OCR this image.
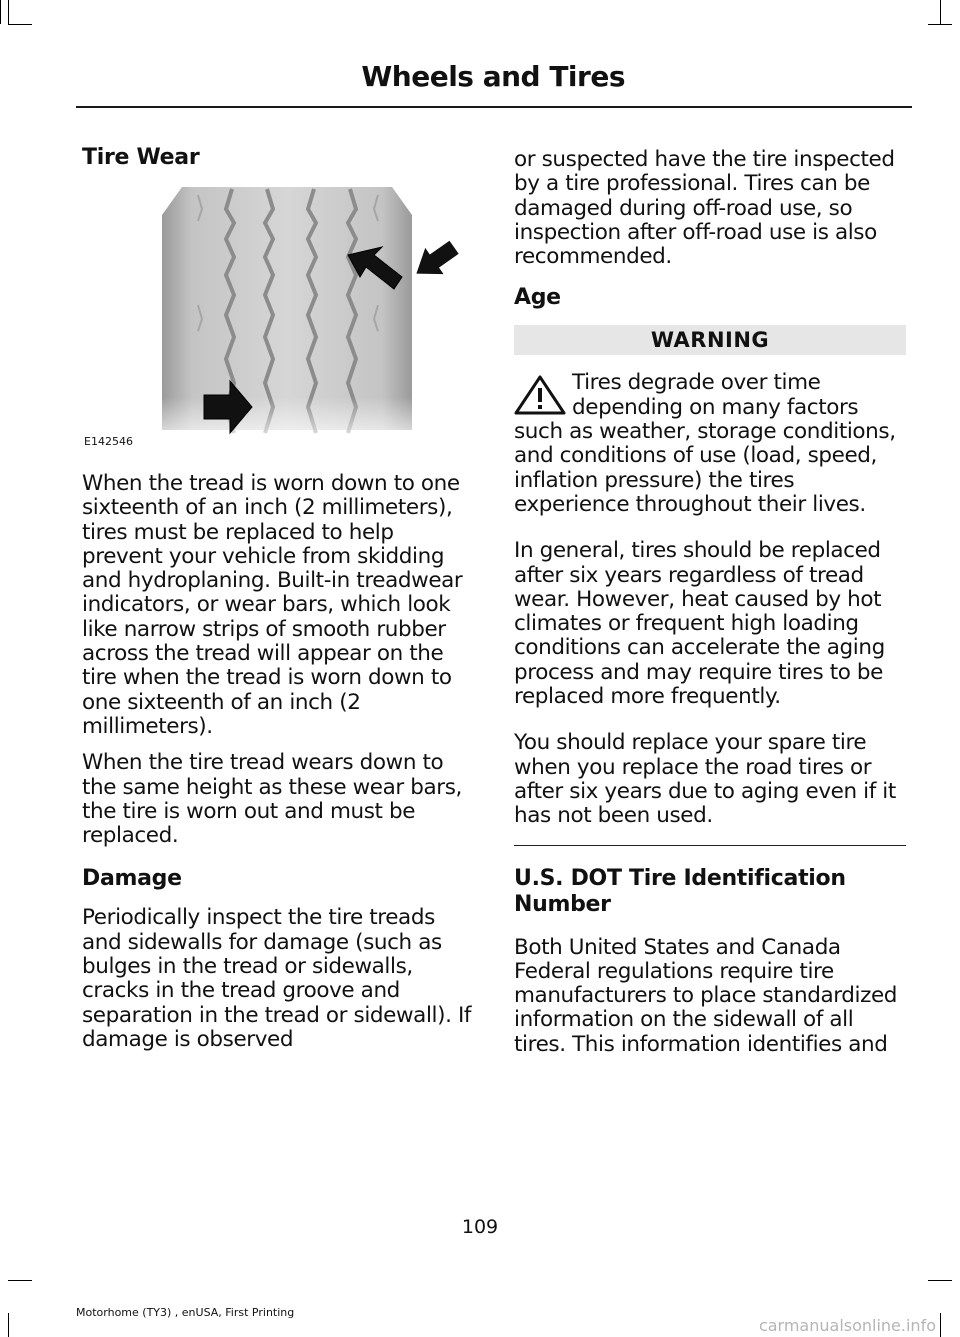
Wheels and Tires
Tire Wear
E142546

When the tread is worn down to one sixteenth of an inch (2 millimeters), tires must be replaced to help prevent your vehicle from skidding and hydroplaning. Built-in treadwear indicators, or wear bars, which look like narrow strips of smooth rubber across the tread will appear on the tire when the tread is worn down to one sixteenth of an inch (2 millimeters).

When the tire tread wears down to the same height as these wear bars, the tire is worn out and must be replaced.

Damage

Periodically inspect the tire treads and sidewalls for damage (such as bulges in the tread or sidewalls, cracks in the tread groove and separation in the tread or sidewall). If damage is observed

or suspected have the tire inspected by a tire professional. Tires can be damaged during off-road use, so inspection after off-road use is also recommended.

Age
WARNING

Tires degrade over time depending on many factors such as weather, storage conditions, and conditions of use (load, speed, inflation pressure) the tires experience throughout their lives.

In general, tires should be replaced after six years regardless of tread wear. However, heat caused by hot climates or frequent high loading conditions can accelerate the aging process and may require tires to be replaced more frequently.

You should replace your spare tire when you replace the road tires or after six years due to aging even if it has not been used.

U.S. DOT Tire Identification Number

Both United States and Canada Federal regulations require tire manufacturers to place standardized information on the sidewall of all tires. This information identifies and

109
Motorhome (TY3) , enUSA, First Printing
carmanualsonline.info
